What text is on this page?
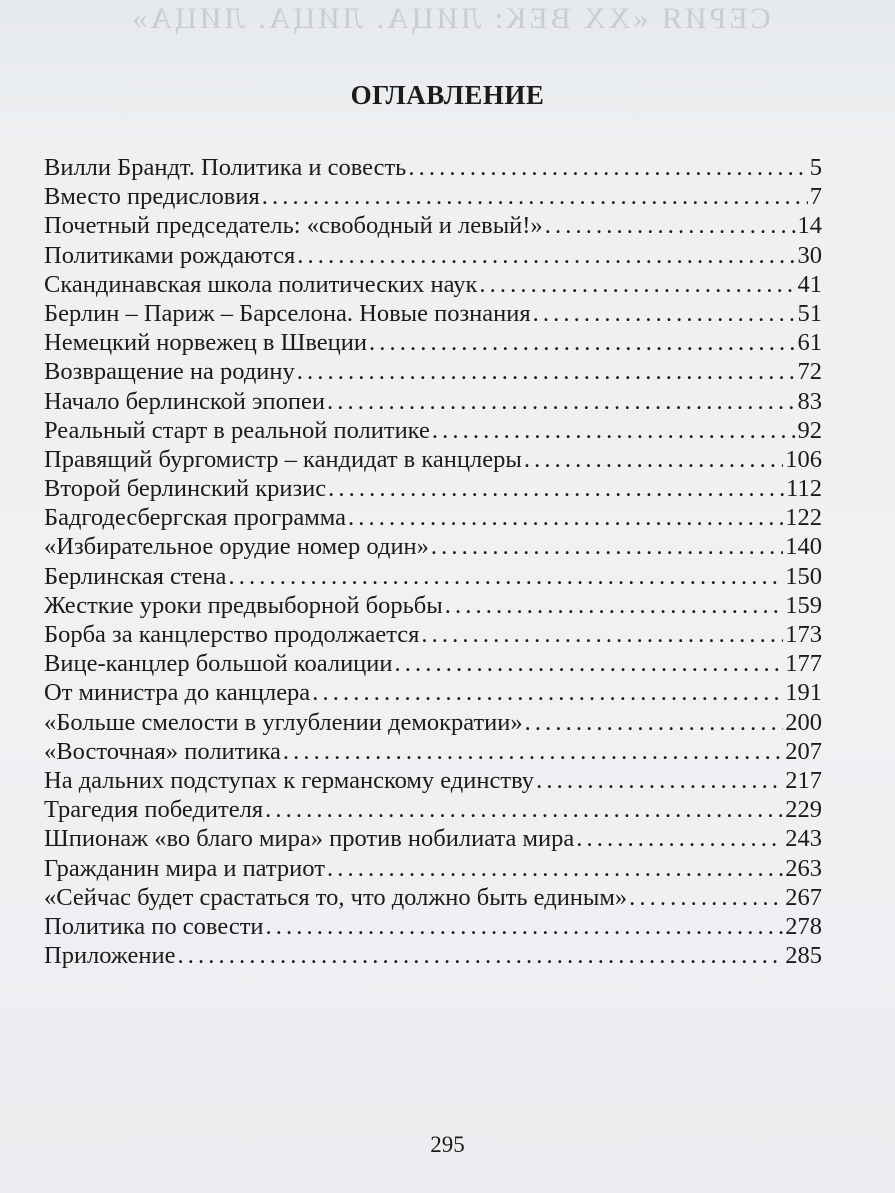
СЕРИЯ «XX ВЕК: ЛИЦА. ЛИЦА. ЛИЦА»
ОГЛАВЛЕНИЕ
Вилли Брандт. Политика и совесть . . .	5
Вместо предисловия . . .	7
Почетный председатель: «свободный и левый!» . . .	14
Политиками рождаются . . .	30
Скандинавская школа политических наук . . .	41
Берлин – Париж – Барселона. Новые познания . . .	51
Немецкий норвежец в Швеции . . .	61
Возвращение на родину . . .	72
Начало берлинской эпопеи . . .	83
Реальный старт в реальной политике . . .	92
Правящий бургомистр – кандидат в канцлеры . . .	106
Второй берлинский кризис . . .	112
Бадгодесбергская программа . . .	122
«Избирательное орудие номер один» . . .	140
Берлинская стена . . .	150
Жесткие уроки предвыборной борьбы . . .	159
Борба за канцлерство продолжается . . .	173
Вице-канцлер большой коалиции . . .	177
От министра до канцлера . . .	191
«Больше смелости в углублении демократии» . . .	200
«Восточная» политика . . .	207
На дальних подступах к германскому единству . . .	217
Трагедия победителя . . .	229
Шпионаж «во благо мира» против нобилиата мира . . .	243
Гражданин мира и патриот . . .	263
«Сейчас будет срастаться то, что должно быть единым» . . .	267
Политика по совести . . .	278
Приложение . . .	285

295
